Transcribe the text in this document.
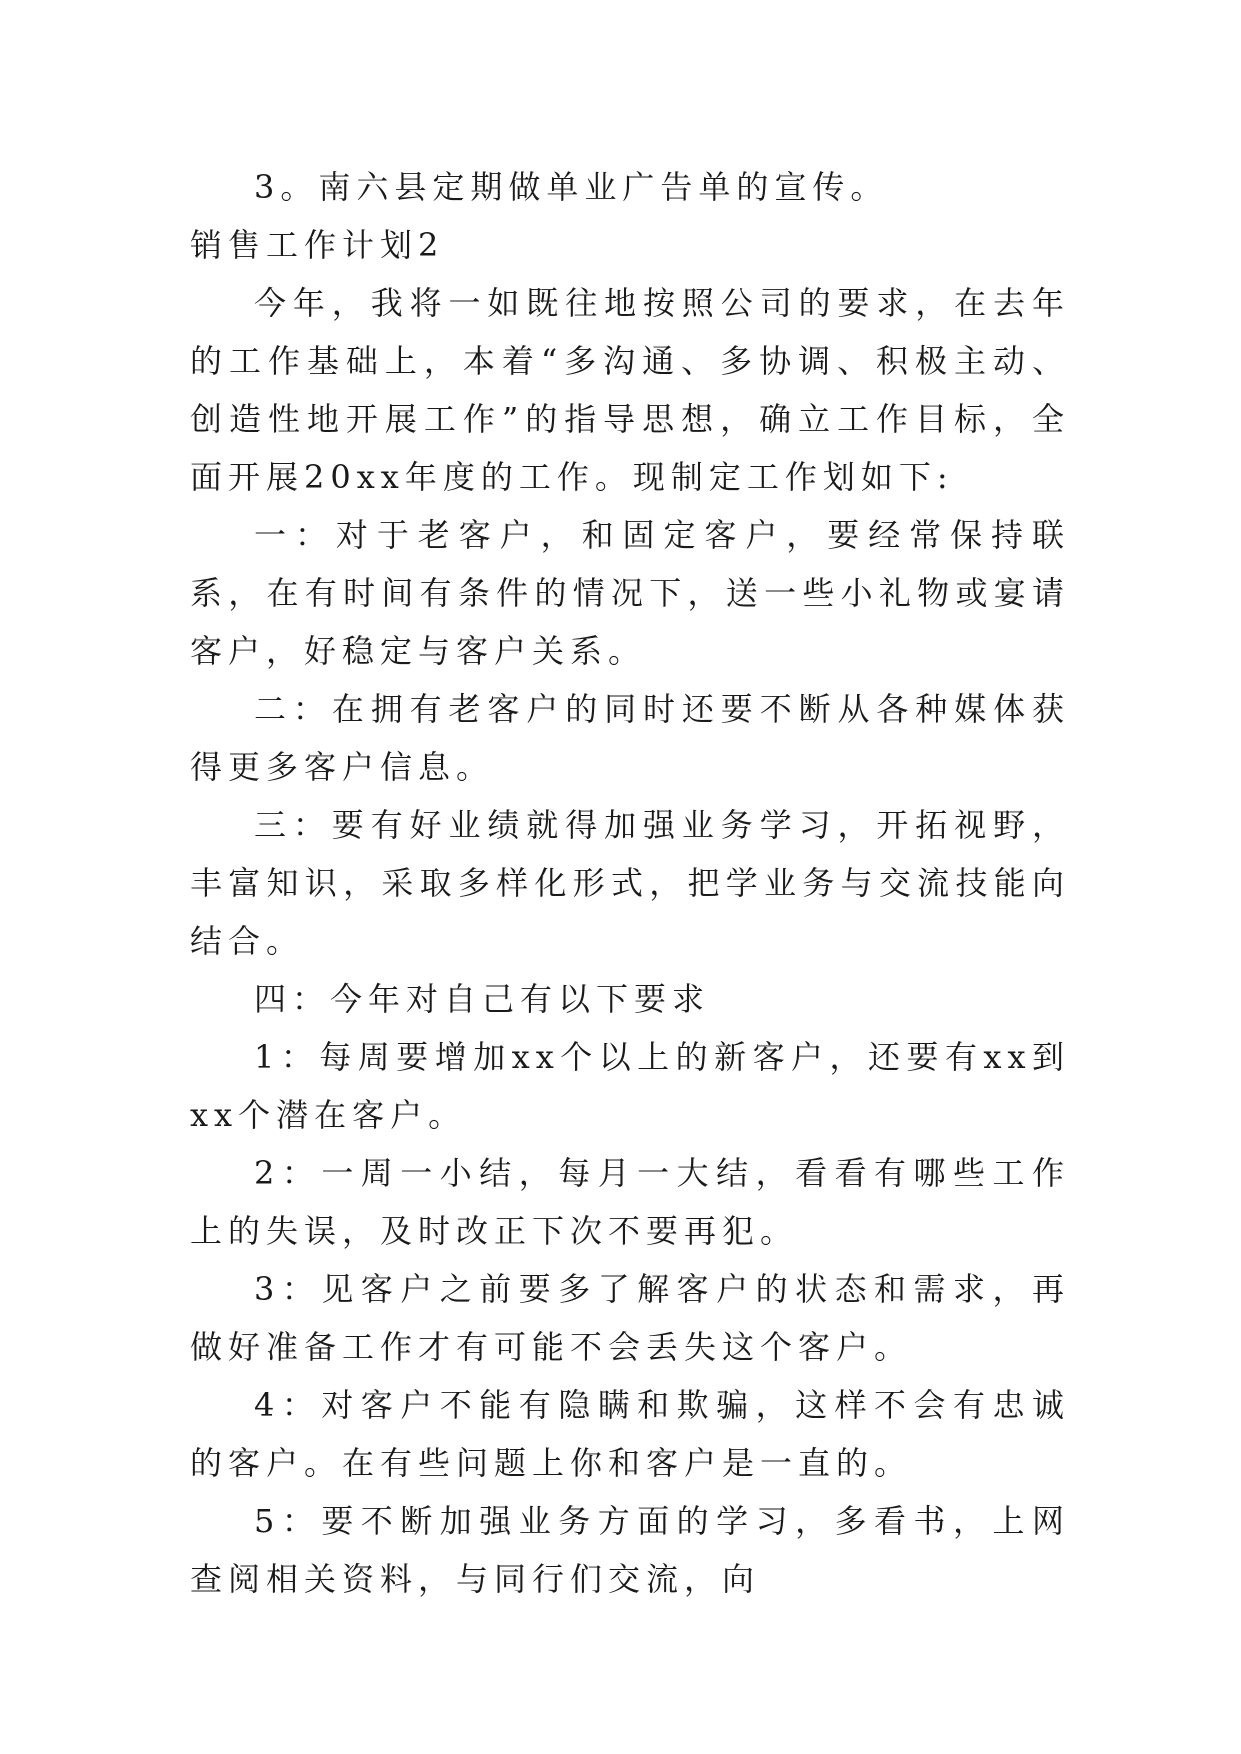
3。南六县定期做单业广告单的宣传。

销售工作计划2

今年，我将一如既往地按照公司的要求，在去年的工作基础上，本着“多沟通、多协调、积极主动、创造性地开展工作”的指导思想，确立工作目标，全面开展20xx年度的工作。现制定工作划如下:

一：对于老客户，和固定客户，要经常保持联系，在有时间有条件的情况下，送一些小礼物或宴请客户，好稳定与客户关系。

二：在拥有老客户的同时还要不断从各种媒体获得更多客户信息。

三：要有好业绩就得加强业务学习，开拓视野，丰富知识，采取多样化形式，把学业务与交流技能向结合。

四：今年对自己有以下要求

1：每周要增加xx个以上的新客户，还要有xx到xx个潜在客户。

2：一周一小结，每月一大结，看看有哪些工作上的失误，及时改正下次不要再犯。

3：见客户之前要多了解客户的状态和需求，再做好准备工作才有可能不会丢失这个客户。

4：对客户不能有隐瞒和欺骗，这样不会有忠诚的客户。在有些问题上你和客户是一直的。

5：要不断加强业务方面的学习，多看书，上网查阅相关资料，与同行们交流，向
